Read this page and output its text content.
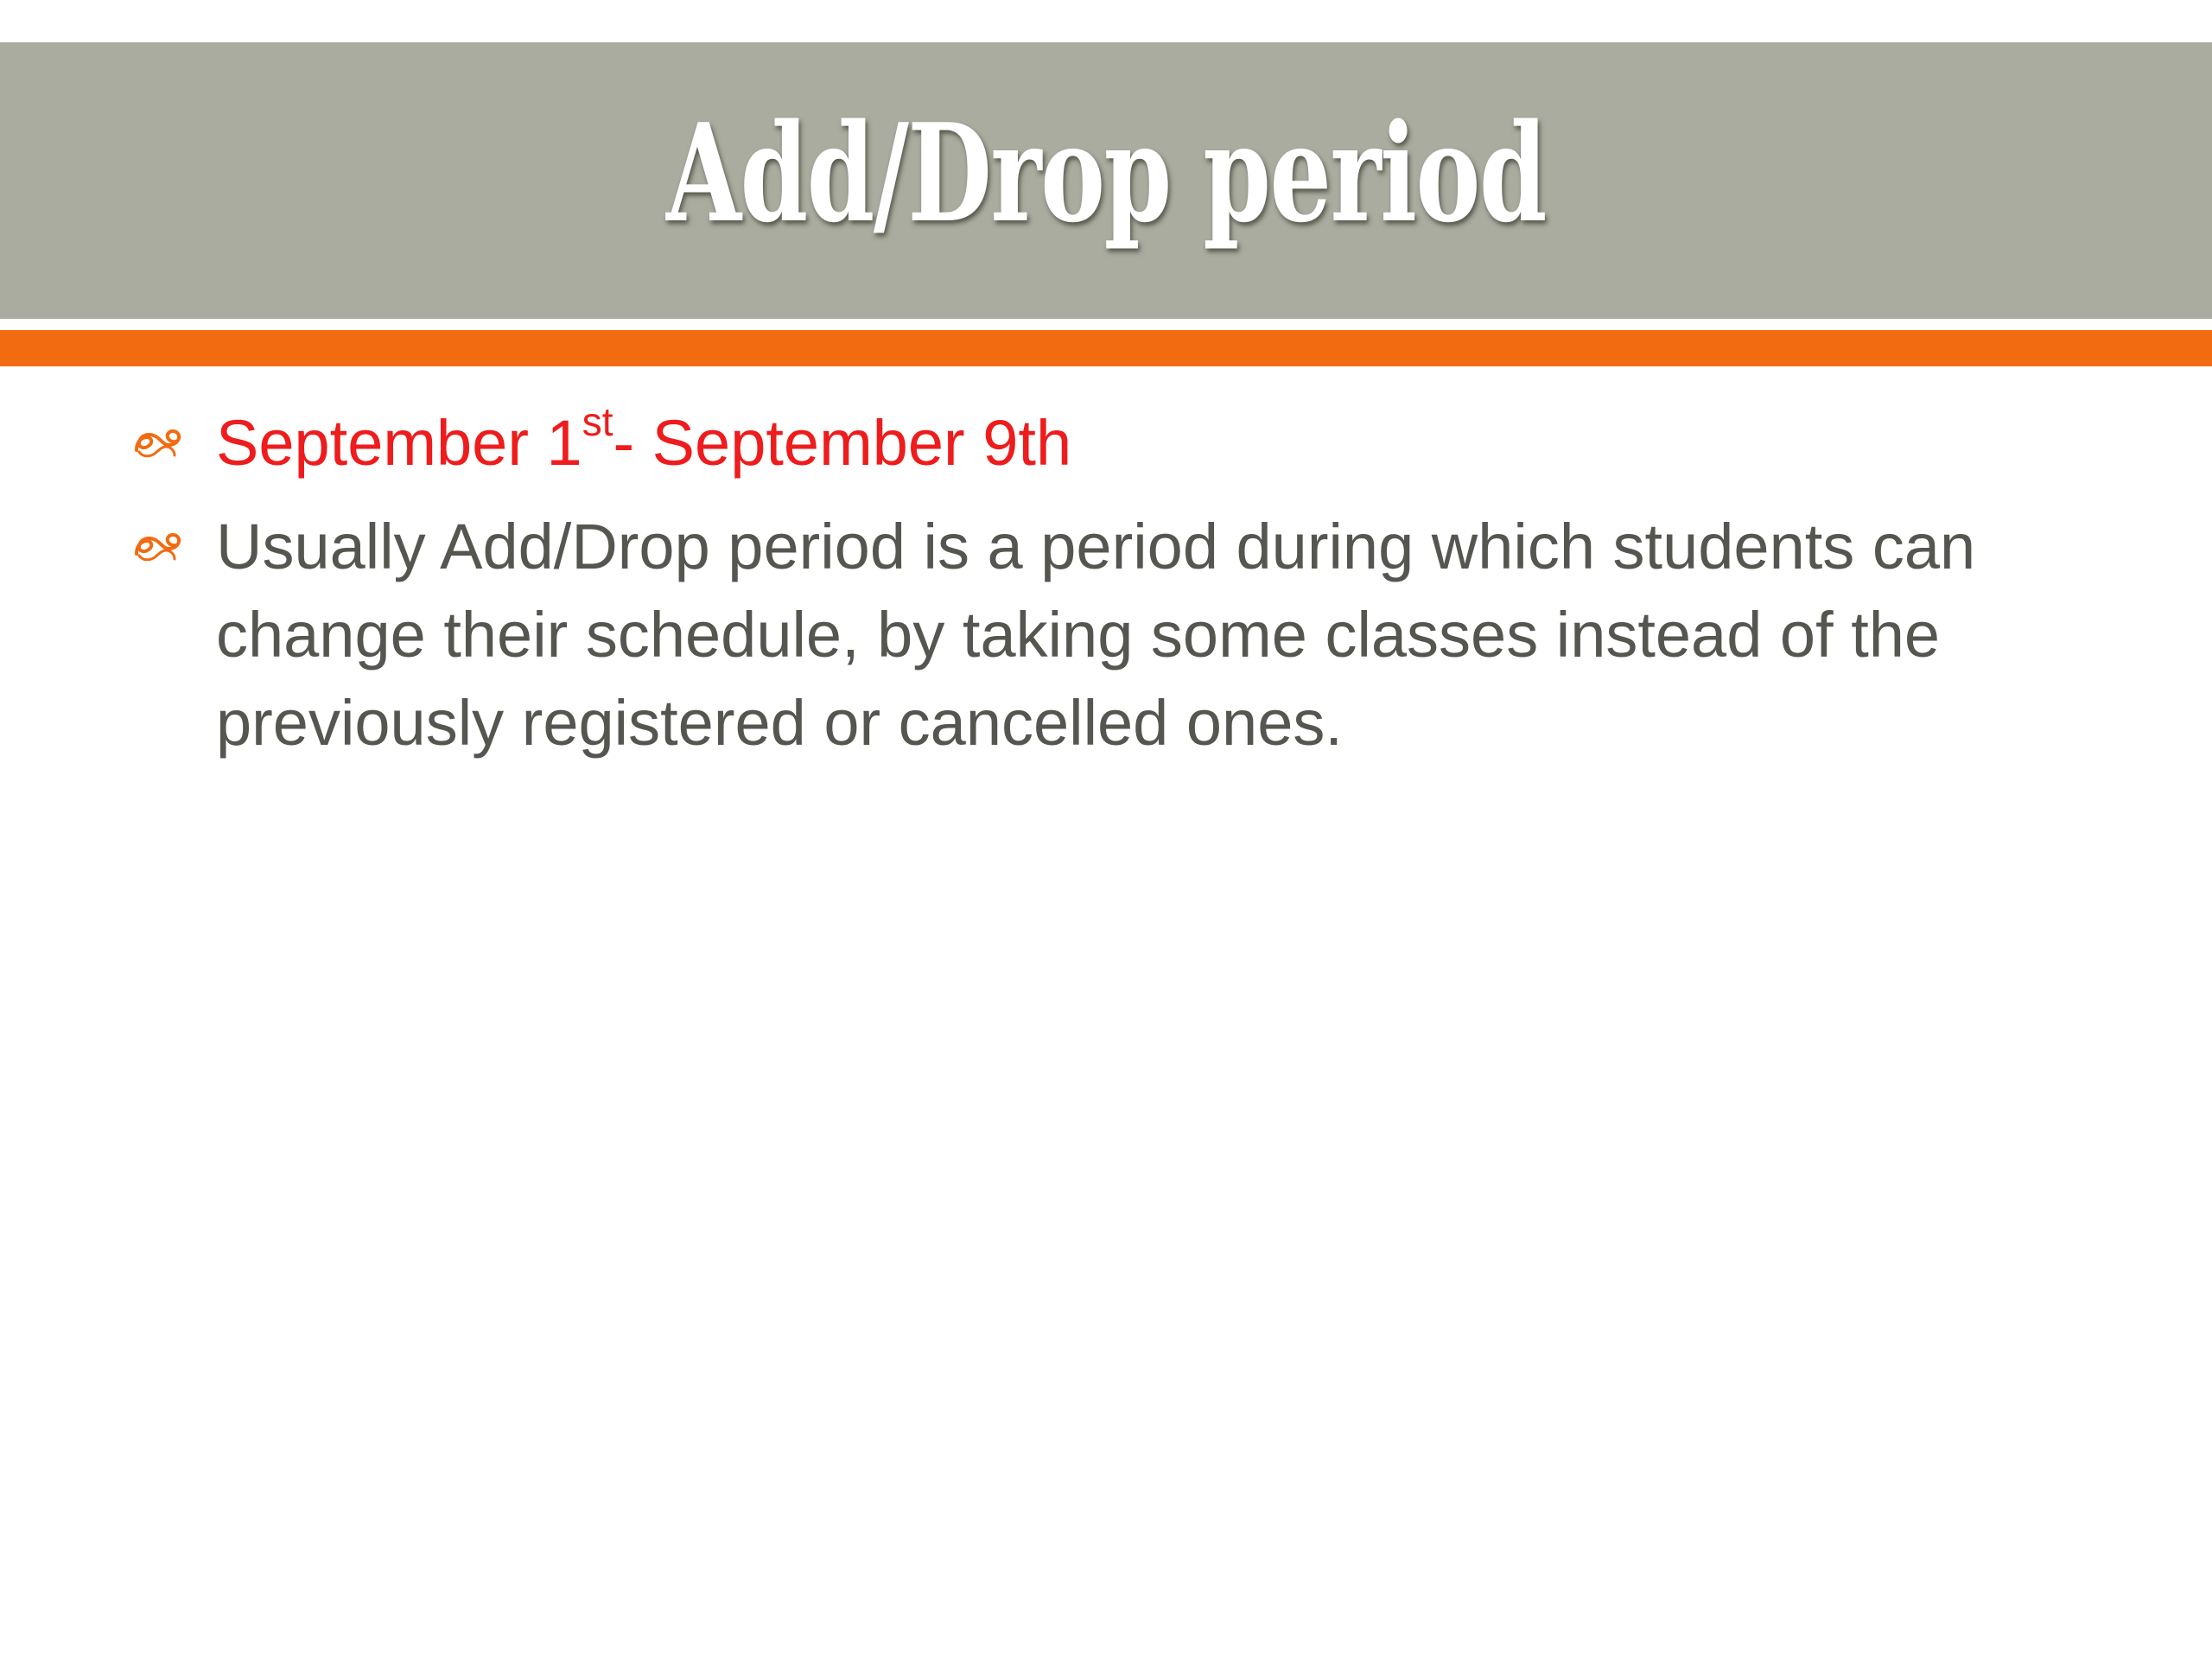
Add/Drop period
September 1st- September 9th
Usually Add/Drop period is a period during which students can change their schedule, by taking some classes instead of the previously registered or cancelled ones.
